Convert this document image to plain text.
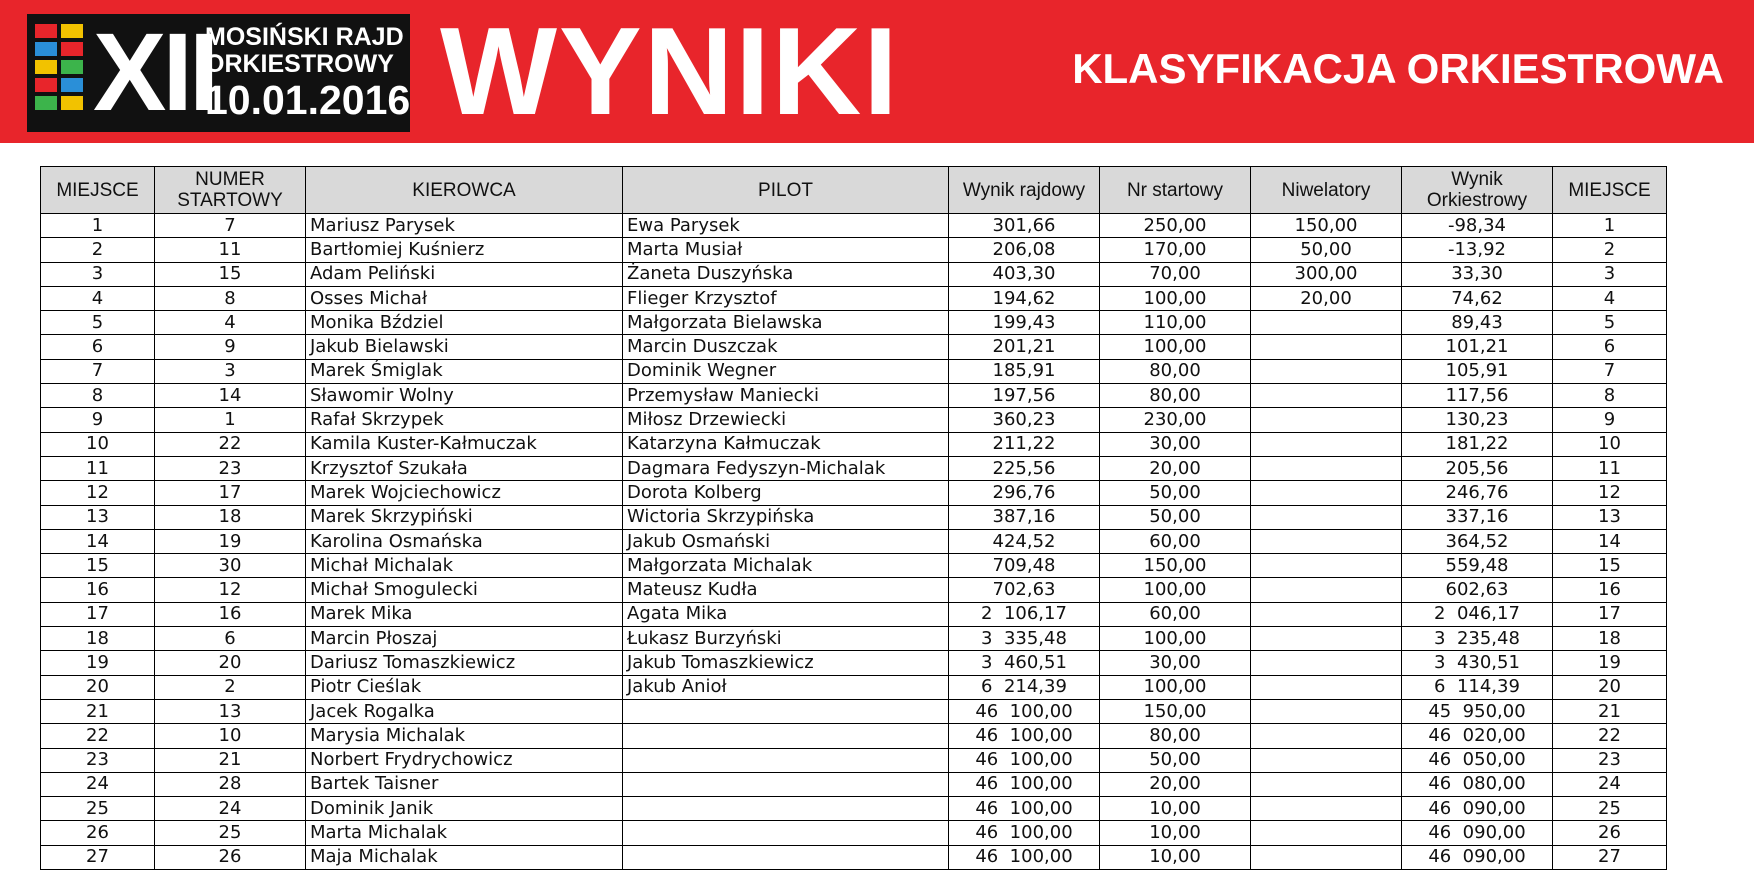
XII
MOSIŃSKI RAJD
ORKIESTROWY
10.01.2016 WYNIKI	KLASYFIKACJA ORKIESTROWA
MIEJSCE	NUMER STARTOWY	KIEROWCA	PILOT	Wynik rajdowy	Nr startowy	Niwelatory	Wynik Orkiestrowy	MIEJSCE
1	7	Mariusz Parysek	Ewa Parysek	301,66	250,00	150,00	-98,34	1
2	11	Bartłomiej Kuśnierz	Marta Musiał	206,08	170,00	50,00	-13,92	2
3	15	Adam Peliński	Żaneta Duszyńska	403,30	70,00	300,00	33,30	3
4	8	Osses Michał	Flieger Krzysztof	194,62	100,00	20,00	74,62	4
5	4	Monika Bździel	Małgorzata Bielawska	199,43	110,00		89,43	5
6	9	Jakub Bielawski	Marcin Duszczak	201,21	100,00		101,21	6
7	3	Marek Śmiglak	Dominik Wegner	185,91	80,00		105,91	7
8	14	Sławomir Wolny	Przemysław Maniecki	197,56	80,00		117,56	8
9	1	Rafał Skrzypek	Miłosz Drzewiecki	360,23	230,00		130,23	9
10	22	Kamila Kuster-Kałmuczak	Katarzyna Kałmuczak	211,22	30,00		181,22	10
11	23	Krzysztof Szukała	Dagmara Fedyszyn-Michalak	225,56	20,00		205,56	11
12	17	Marek Wojciechowicz	Dorota Kolberg	296,76	50,00		246,76	12
13	18	Marek Skrzypiński	Wictoria Skrzypińska	387,16	50,00		337,16	13
14	19	Karolina Osmańska	Jakub Osmański	424,52	60,00		364,52	14
15	30	Michał Michalak	Małgorzata Michalak	709,48	150,00		559,48	15
16	12	Michał Smogulecki	Mateusz Kudła	702,63	100,00		602,63	16
17	16	Marek Mika	Agata Mika	2  106,17	60,00		2  046,17	17
18	6	Marcin Płoszaj	Łukasz Burzyński	3  335,48	100,00		3  235,48	18
19	20	Dariusz Tomaszkiewicz	Jakub Tomaszkiewicz	3  460,51	30,00		3  430,51	19
20	2	Piotr Cieślak	Jakub Anioł	6  214,39	100,00		6  114,39	20
21	13	Jacek Rogalka		46  100,00	150,00		45  950,00	21
22	10	Marysia Michalak		46  100,00	80,00		46  020,00	22
23	21	Norbert Frydrychowicz		46  100,00	50,00		46  050,00	23
24	28	Bartek Taisner		46  100,00	20,00		46  080,00	24
25	24	Dominik Janik		46  100,00	10,00		46  090,00	25
26	25	Marta Michalak		46  100,00	10,00		46  090,00	26
27	26	Maja Michalak		46  100,00	10,00		46  090,00	27
